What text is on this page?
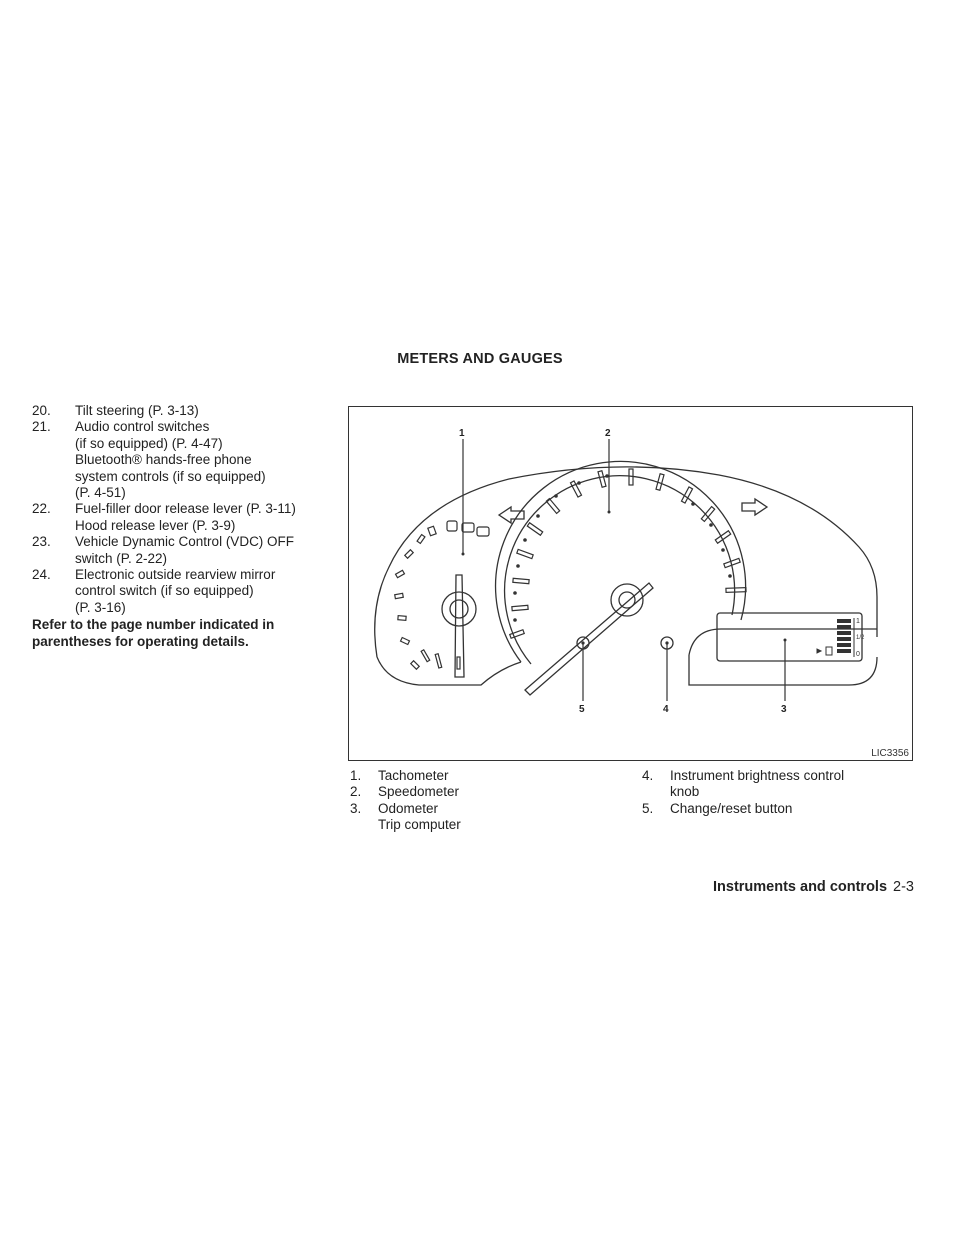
METERS AND GAUGES
20. Tilt steering (P. 3-13)
21. Audio control switches
(if so equipped) (P. 4-47)
Bluetooth® hands-free phone
system controls (if so equipped)
(P. 4-51)
22. Fuel-filler door release lever (P. 3-11)
Hood release lever (P. 3-9)
23. Vehicle Dynamic Control (VDC) OFF
switch (P. 2-22)
24. Electronic outside rearview mirror
control switch (if so equipped)
(P. 3-16)
Refer to the page number indicated in parentheses for operating details.
1
1/2
0
1	2
3
4
5
LIC3356
1. Tachometer
2. Speedometer
3. Odometer
Trip computer
4. Instrument brightness control
knob
5. Change/reset button
Instruments and controls 2-3
